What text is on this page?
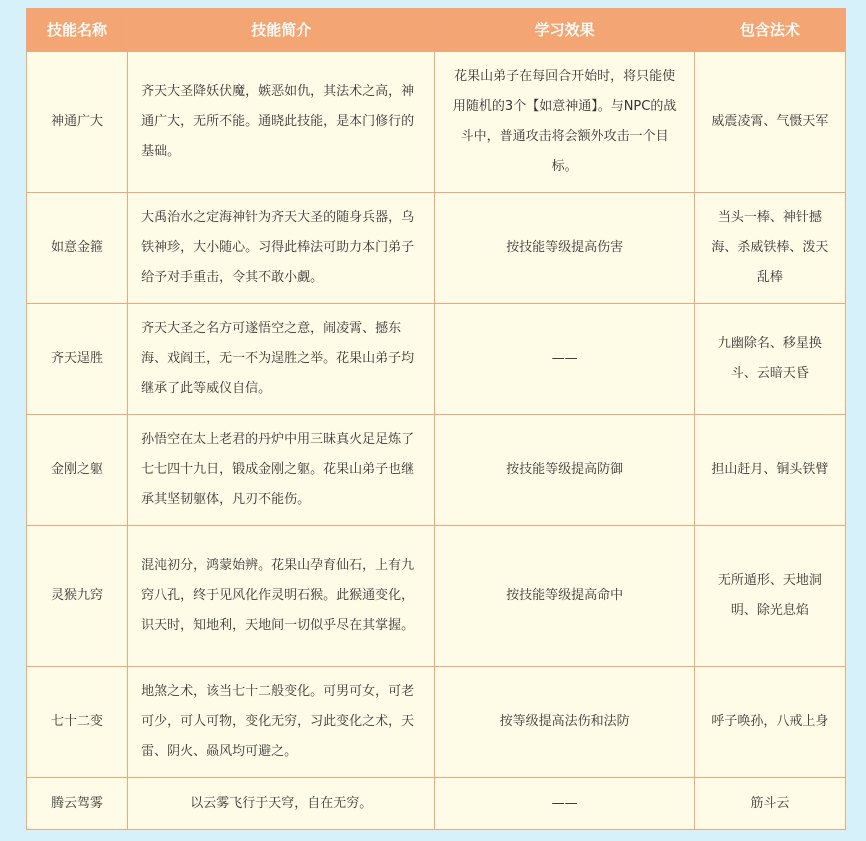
技能名称	技能简介	学习效果	包含法术
神通广大	齐天大圣降妖伏魔，嫉恶如仇，其法术之高，神通广大，无所不能。通晓此技能，是本门修行的基础。	花果山弟子在每回合开始时，将只能使用随机的3个【如意神通】。与NPC的战斗中，普通攻击将会额外攻击一个目标。	威震凌霄、气慑天军
如意金箍	大禹治水之定海神针为齐天大圣的随身兵器，乌铁神珍，大小随心。习得此棒法可助力本门弟子给予对手重击，令其不敢小觑。	按技能等级提高伤害	当头一棒、神针撼海、杀威铁棒、泼天乱棒
齐天逞胜	齐天大圣之名方可遂悟空之意，闹凌霄、撼东海、戏阎王，无一不为逞胜之举。花果山弟子均继承了此等威仪自信。	——	九幽除名、移星换斗、云暗天昏
金刚之躯	孙悟空在太上老君的丹炉中用三昧真火足足炼了七七四十九日，锻成金刚之躯。花果山弟子也继承其坚韧躯体，凡刃不能伤。	按技能等级提高防御	担山赶月、铜头铁臂
灵猴九窍	混沌初分，鸿蒙始辨。花果山孕育仙石，上有九窍八孔，终于见风化作灵明石猴。此猴通变化，识天时，知地利，天地间一切似乎尽在其掌握。	按技能等级提高命中	无所遁形、天地洞明、除光息焰
七十二变	地煞之术，该当七十二般变化。可男可女，可老可少，可人可物，变化无穷，习此变化之术，天雷、阴火、赑风均可避之。	按等级提高法伤和法防	呼子唤孙，八戒上身
腾云驾雾	以云雾飞行于天穹，自在无穷。	——	筋斗云
